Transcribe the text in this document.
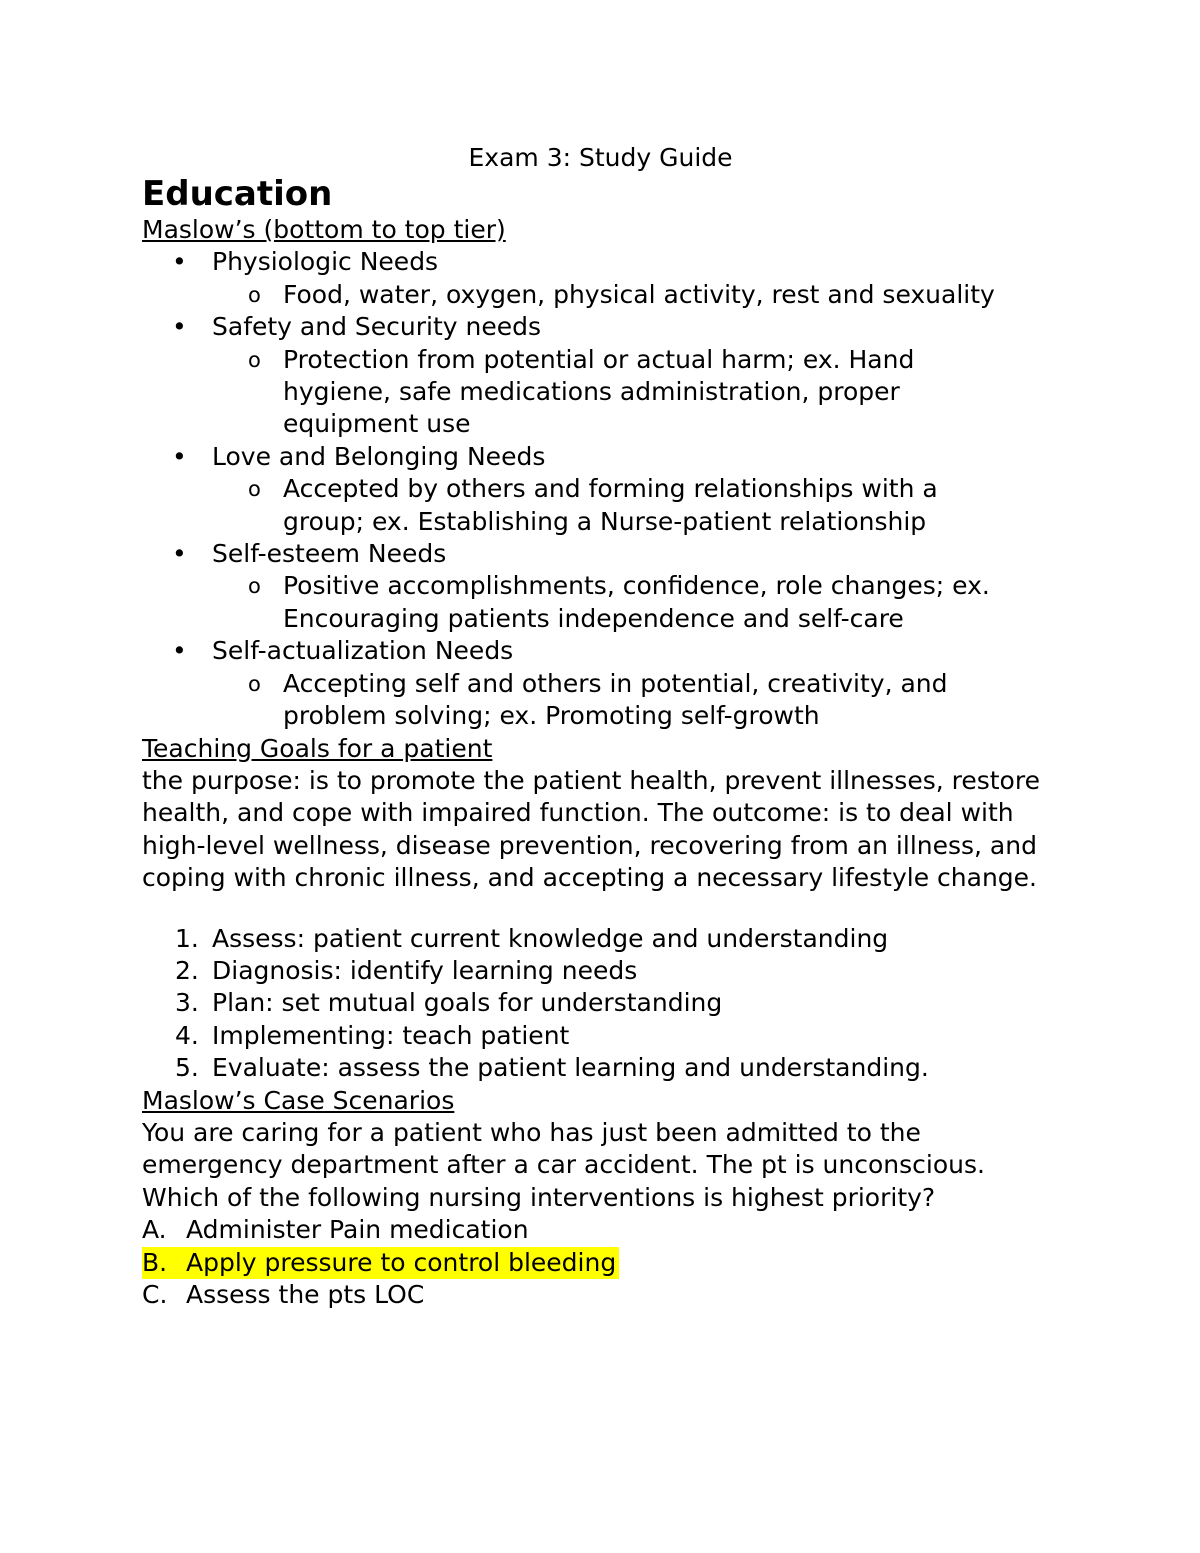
Exam 3: Study Guide
Education
Maslow’s (bottom to top tier)
• Physiologic Needs
o Food, water, oxygen, physical activity, rest and sexuality
• Safety and Security needs
o Protection from potential or actual harm; ex. Hand hygiene, safe medications administration, proper equipment use
• Love and Belonging Needs
o Accepted by others and forming relationships with a group; ex. Establishing a Nurse-patient relationship
• Self-esteem Needs
o Positive accomplishments, confidence, role changes; ex. Encouraging patients independence and self-care
• Self-actualization Needs
o Accepting self and others in potential, creativity, and problem solving; ex. Promoting self-growth
Teaching Goals for a patient

the purpose: is to promote the patient health, prevent illnesses, restore health, and cope with impaired function. The outcome: is to deal with high-level wellness, disease prevention, recovering from an illness, and coping with chronic illness, and accepting a necessary lifestyle change.

1. Assess: patient current knowledge and understanding
2. Diagnosis: identify learning needs
3. Plan: set mutual goals for understanding
4. Implementing: teach patient
5. Evaluate: assess the patient learning and understanding.
Maslow’s Case Scenarios

You are caring for a patient who has just been admitted to the emergency department after a car accident. The pt is unconscious. Which of the following nursing interventions is highest priority?

A. Administer Pain medication
B. Apply pressure to control bleeding
C. Assess the pts LOC
